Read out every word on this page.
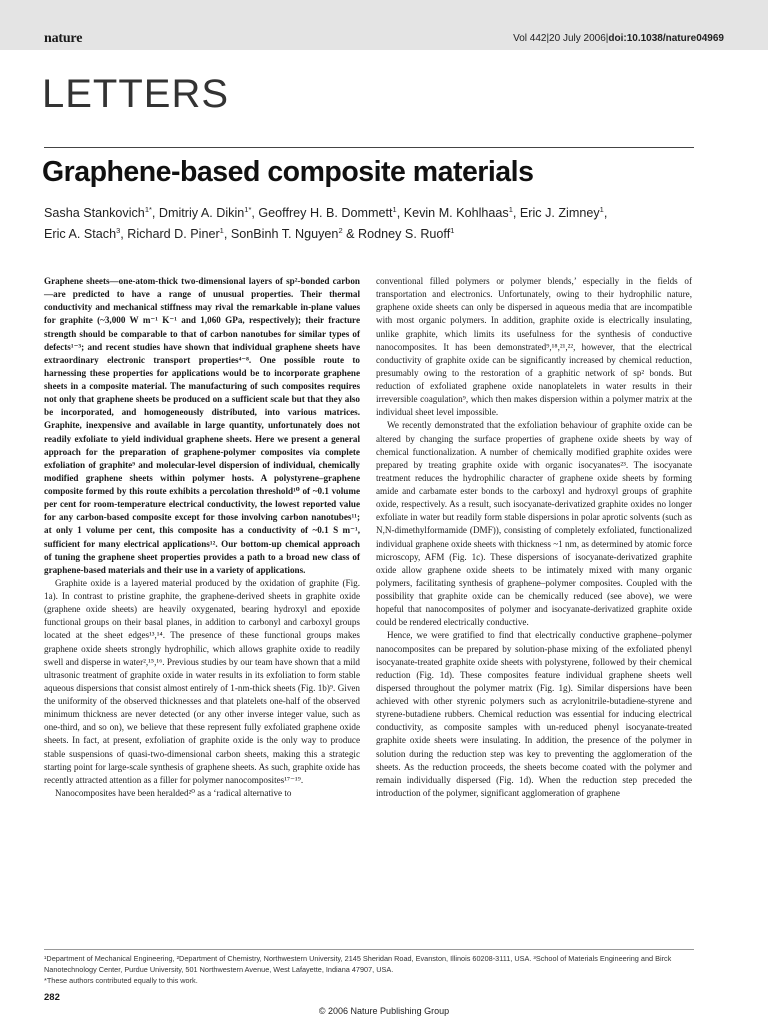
nature	Vol 442|20 July 2006|doi:10.1038/nature04969
LETTERS
Graphene-based composite materials
Sasha Stankovich$^{1*}$, Dmitriy A. Dikin$^{1*}$, Geoffrey H. B. Dommett$^1$, Kevin M. Kohlhaas$^1$, Eric J. Zimney$^1$,
Eric A. Stach$^3$, Richard D. Piner$^1$, SonBinh T. Nguyen$^2$ & Rodney S. Ruoff$^1$

Graphene sheets—one-atom-thick two-dimensional layers of sp²-bonded carbon—are predicted to have a range of unusual properties. Their thermal conductivity and mechanical stiffness may rival the remarkable in-plane values for graphite (~3,000 W m⁻¹ K⁻¹ and 1,060 GPa, respectively); their fracture strength should be comparable to that of carbon nanotubes for similar types of defects¹⁻³; and recent studies have shown that individual graphene sheets have extraordinary electronic transport properties⁴⁻⁸. One possible route to harnessing these properties for applications would be to incorporate graphene sheets in a composite material. The manufacturing of such composites requires not only that graphene sheets be produced on a sufficient scale but that they also be incorporated, and homogeneously distributed, into various matrices. Graphite, inexpensive and available in large quantity, unfortunately does not readily exfoliate to yield individual graphene sheets. Here we present a general approach for the preparation of graphene-polymer composites via complete exfoliation of graphite⁹ and molecular-level dispersion of individual, chemically modified graphene sheets within polymer hosts. A polystyrene–graphene composite formed by this route exhibits a percolation threshold¹⁰ of ~0.1 volume per cent for room-temperature electrical conductivity, the lowest reported value for any carbon-based composite except for those involving carbon nanotubes¹¹; at only 1 volume per cent, this composite has a conductivity of ~0.1 S m⁻¹, sufficient for many electrical applications¹². Our bottom-up chemical approach of tuning the graphene sheet properties provides a path to a broad new class of graphene-based materials and their use in a variety of applications.

Graphite oxide is a layered material produced by the oxidation of graphite (Fig. 1a). In contrast to pristine graphite, the graphene-derived sheets in graphite oxide (graphene oxide sheets) are heavily oxygenated, bearing hydroxyl and epoxide functional groups on their basal planes, in addition to carbonyl and carboxyl groups located at the sheet edges¹³,¹⁴. The presence of these functional groups makes graphene oxide sheets strongly hydrophilic, which allows graphite oxide to readily swell and disperse in water²,¹⁵,¹⁶. Previous studies by our team have shown that a mild ultrasonic treatment of graphite oxide in water results in its exfoliation to form stable aqueous dispersions that consist almost entirely of 1-nm-thick sheets (Fig. 1b)⁹. Given the uniformity of the observed thicknesses and that platelets one-half of the observed minimum thickness are never detected (or any other inverse integer value, such as one-third, and so on), we believe that these represent fully exfoliated graphene oxide sheets. In fact, at present, exfoliation of graphite oxide is the only way to produce stable suspensions of quasi-two-dimensional carbon sheets, making this a strategic starting point for large-scale synthesis of graphene sheets. As such, graphite oxide has recently attracted attention as a filler for polymer nanocomposites¹⁷⁻¹⁹.

Nanocomposites have been heralded²⁰ as a ‘radical alternative to

conventional filled polymers or polymer blends,’ especially in the fields of transportation and electronics. Unfortunately, owing to their hydrophilic nature, graphene oxide sheets can only be dispersed in aqueous media that are incompatible with most organic polymers. In addition, graphite oxide is electrically insulating, unlike graphite, which limits its usefulness for the synthesis of conductive nanocomposites. It has been demonstrated⁹,¹⁸,²¹,²², however, that the electrical conductivity of graphite oxide can be significantly increased by chemical reduction, presumably owing to the restoration of a graphitic network of sp² bonds. But reduction of exfoliated graphene oxide nanoplatelets in water results in their irreversible coagulation⁹, which then makes dispersion within a polymer matrix at the individual sheet level impossible.

We recently demonstrated that the exfoliation behaviour of graphite oxide can be altered by changing the surface properties of graphene oxide sheets by way of chemical functionalization. A number of chemically modified graphite oxides were prepared by treating graphite oxide with organic isocyanates²³. The isocyanate treatment reduces the hydrophilic character of graphene oxide sheets by forming amide and carbamate ester bonds to the carboxyl and hydroxyl groups of graphite oxide, respectively. As a result, such isocyanate-derivatized graphite oxides no longer exfoliate in water but readily form stable dispersions in polar aprotic solvents (such as N,N-dimethylformamide (DMF)), consisting of completely exfoliated, functionalized individual graphene oxide sheets with thickness ~1 nm, as determined by atomic force microscopy, AFM (Fig. 1c). These dispersions of isocyanate-derivatized graphite oxide allow graphene oxide sheets to be intimately mixed with many organic polymers, facilitating synthesis of graphene–polymer composites. Coupled with the possibility that graphite oxide can be chemically reduced (see above), we were hopeful that nanocomposites of polymer and isocyanate-derivatized graphite oxide could be rendered electrically conductive.

Hence, we were gratified to find that electrically conductive graphene–polymer nanocomposites can be prepared by solution-phase mixing of the exfoliated phenyl isocyanate-treated graphite oxide sheets with polystyrene, followed by their chemical reduction (Fig. 1d). These composites feature individual graphene sheets well dispersed throughout the polymer matrix (Fig. 1g). Similar dispersions have been achieved with other styrenic polymers such as acrylonitrile-butadiene-styrene and styrene-butadiene rubbers. Chemical reduction was essential for inducing electrical conductivity, as composite samples with un-reduced phenyl isocyanate-treated graphite oxide sheets were insulating. In addition, the presence of the polymer in solution during the reduction step was key to preventing the agglomeration of the sheets. As the reduction proceeds, the sheets become coated with the polymer and remain individually dispersed (Fig. 1d). When the reduction step preceded the introduction of the polymer, significant agglomeration of graphene

¹Department of Mechanical Engineering, ²Department of Chemistry, Northwestern University, 2145 Sheridan Road, Evanston, Illinois 60208-3111, USA. ³School of Materials Engineering and Birck Nanotechnology Center, Purdue University, 501 Northwestern Avenue, West Lafayette, Indiana 47907, USA.

*These authors contributed equally to this work.

282
© 2006 Nature Publishing Group
